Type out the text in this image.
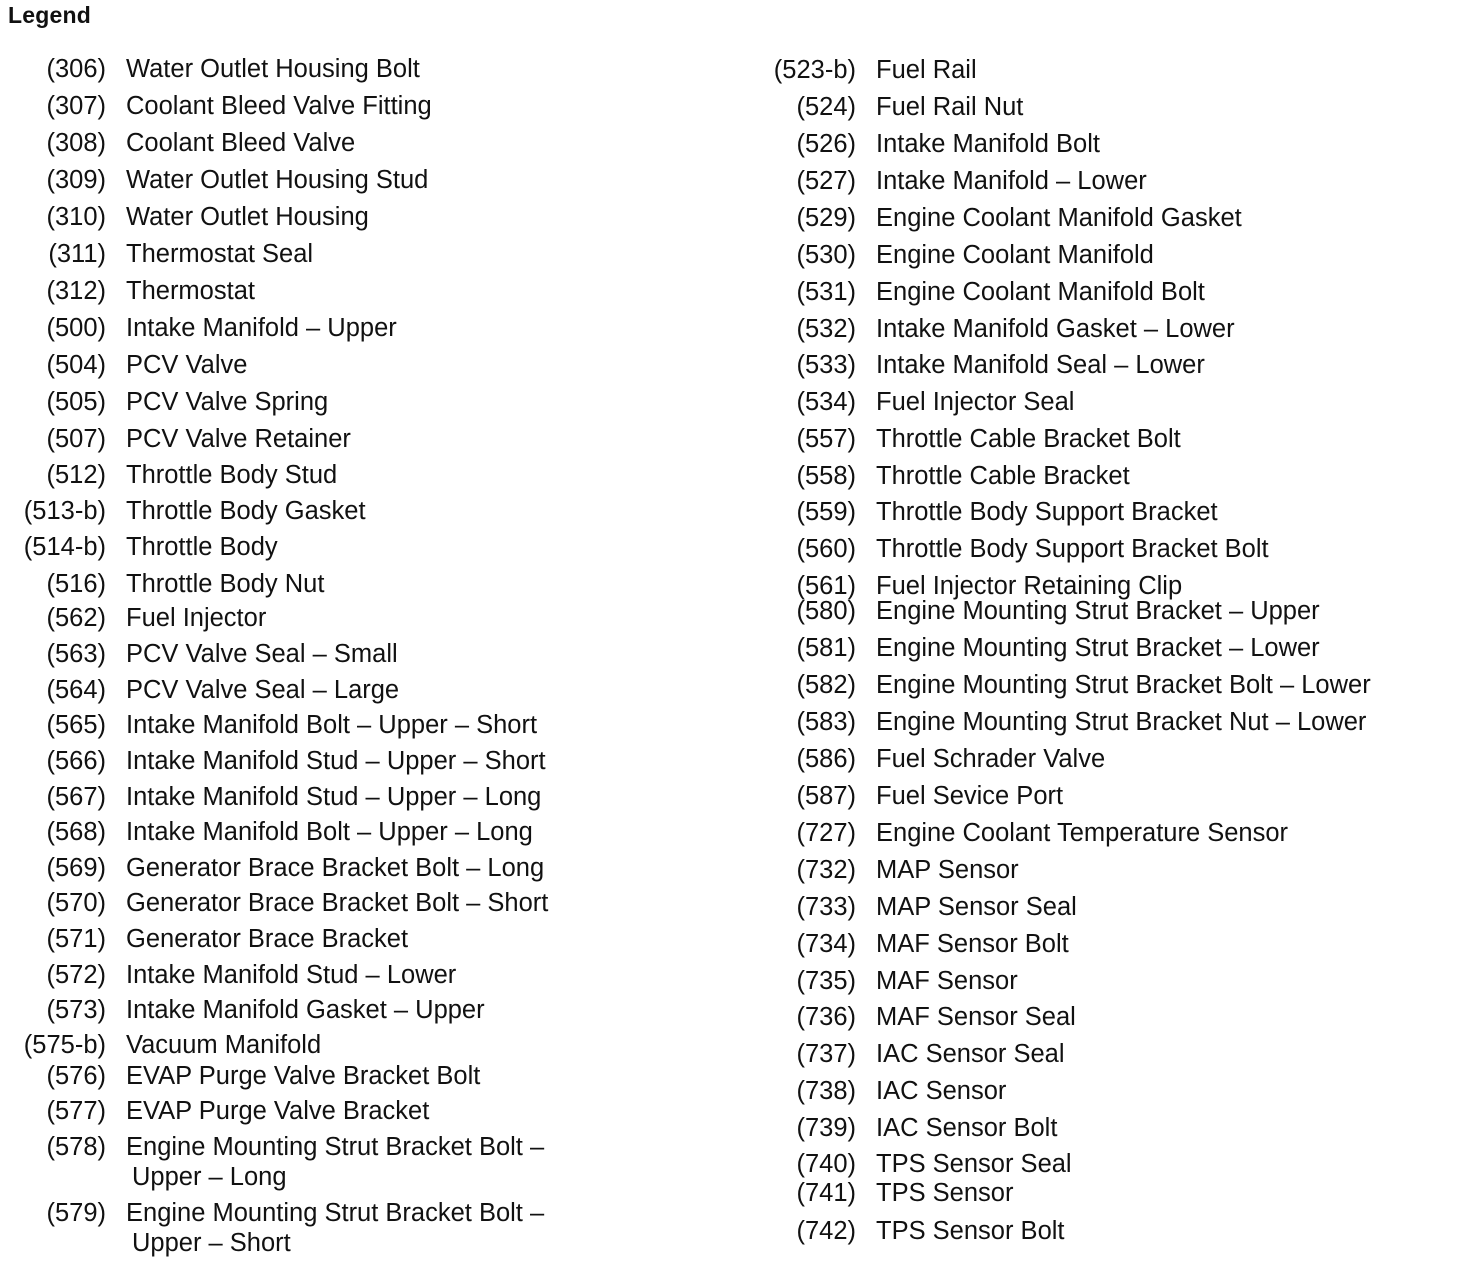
Legend
(306) Water Outlet Housing Bolt
(307) Coolant Bleed Valve Fitting
(308) Coolant Bleed Valve
(309) Water Outlet Housing Stud
(310) Water Outlet Housing
(311) Thermostat Seal
(312) Thermostat
(500) Intake Manifold – Upper
(504) PCV Valve
(505) PCV Valve Spring
(507) PCV Valve Retainer
(512) Throttle Body Stud
(513-b) Throttle Body Gasket
(514-b) Throttle Body
(516) Throttle Body Nut
(562) Fuel Injector
(563) PCV Valve Seal – Small
(564) PCV Valve Seal – Large
(565) Intake Manifold Bolt – Upper – Short
(566) Intake Manifold Stud – Upper – Short
(567) Intake Manifold Stud – Upper – Long
(568) Intake Manifold Bolt – Upper – Long
(569) Generator Brace Bracket Bolt – Long
(570) Generator Brace Bracket Bolt – Short
(571) Generator Brace Bracket
(572) Intake Manifold Stud – Lower
(573) Intake Manifold Gasket – Upper
(575-b) Vacuum Manifold
(576) EVAP Purge Valve Bracket Bolt
(577) EVAP Purge Valve Bracket
(578) Engine Mounting Strut Bracket Bolt –
Upper – Long
(579) Engine Mounting Strut Bracket Bolt –
Upper – Short
(523-b) Fuel Rail
(524) Fuel Rail Nut
(526) Intake Manifold Bolt
(527) Intake Manifold – Lower
(529) Engine Coolant Manifold Gasket
(530) Engine Coolant Manifold
(531) Engine Coolant Manifold Bolt
(532) Intake Manifold Gasket – Lower
(533) Intake Manifold Seal – Lower
(534) Fuel Injector Seal
(557) Throttle Cable Bracket Bolt
(558) Throttle Cable Bracket
(559) Throttle Body Support Bracket
(560) Throttle Body Support Bracket Bolt
(561) Fuel Injector Retaining Clip
(580) Engine Mounting Strut Bracket – Upper
(581) Engine Mounting Strut Bracket – Lower
(582) Engine Mounting Strut Bracket Bolt – Lower
(583) Engine Mounting Strut Bracket Nut – Lower
(586) Fuel Schrader Valve
(587) Fuel Sevice Port
(727) Engine Coolant Temperature Sensor
(732) MAP Sensor
(733) MAP Sensor Seal
(734) MAF Sensor Bolt
(735) MAF Sensor
(736) MAF Sensor Seal
(737) IAC Sensor Seal
(738) IAC Sensor
(739) IAC Sensor Bolt
(740) TPS Sensor Seal
(741) TPS Sensor
(742) TPS Sensor Bolt
